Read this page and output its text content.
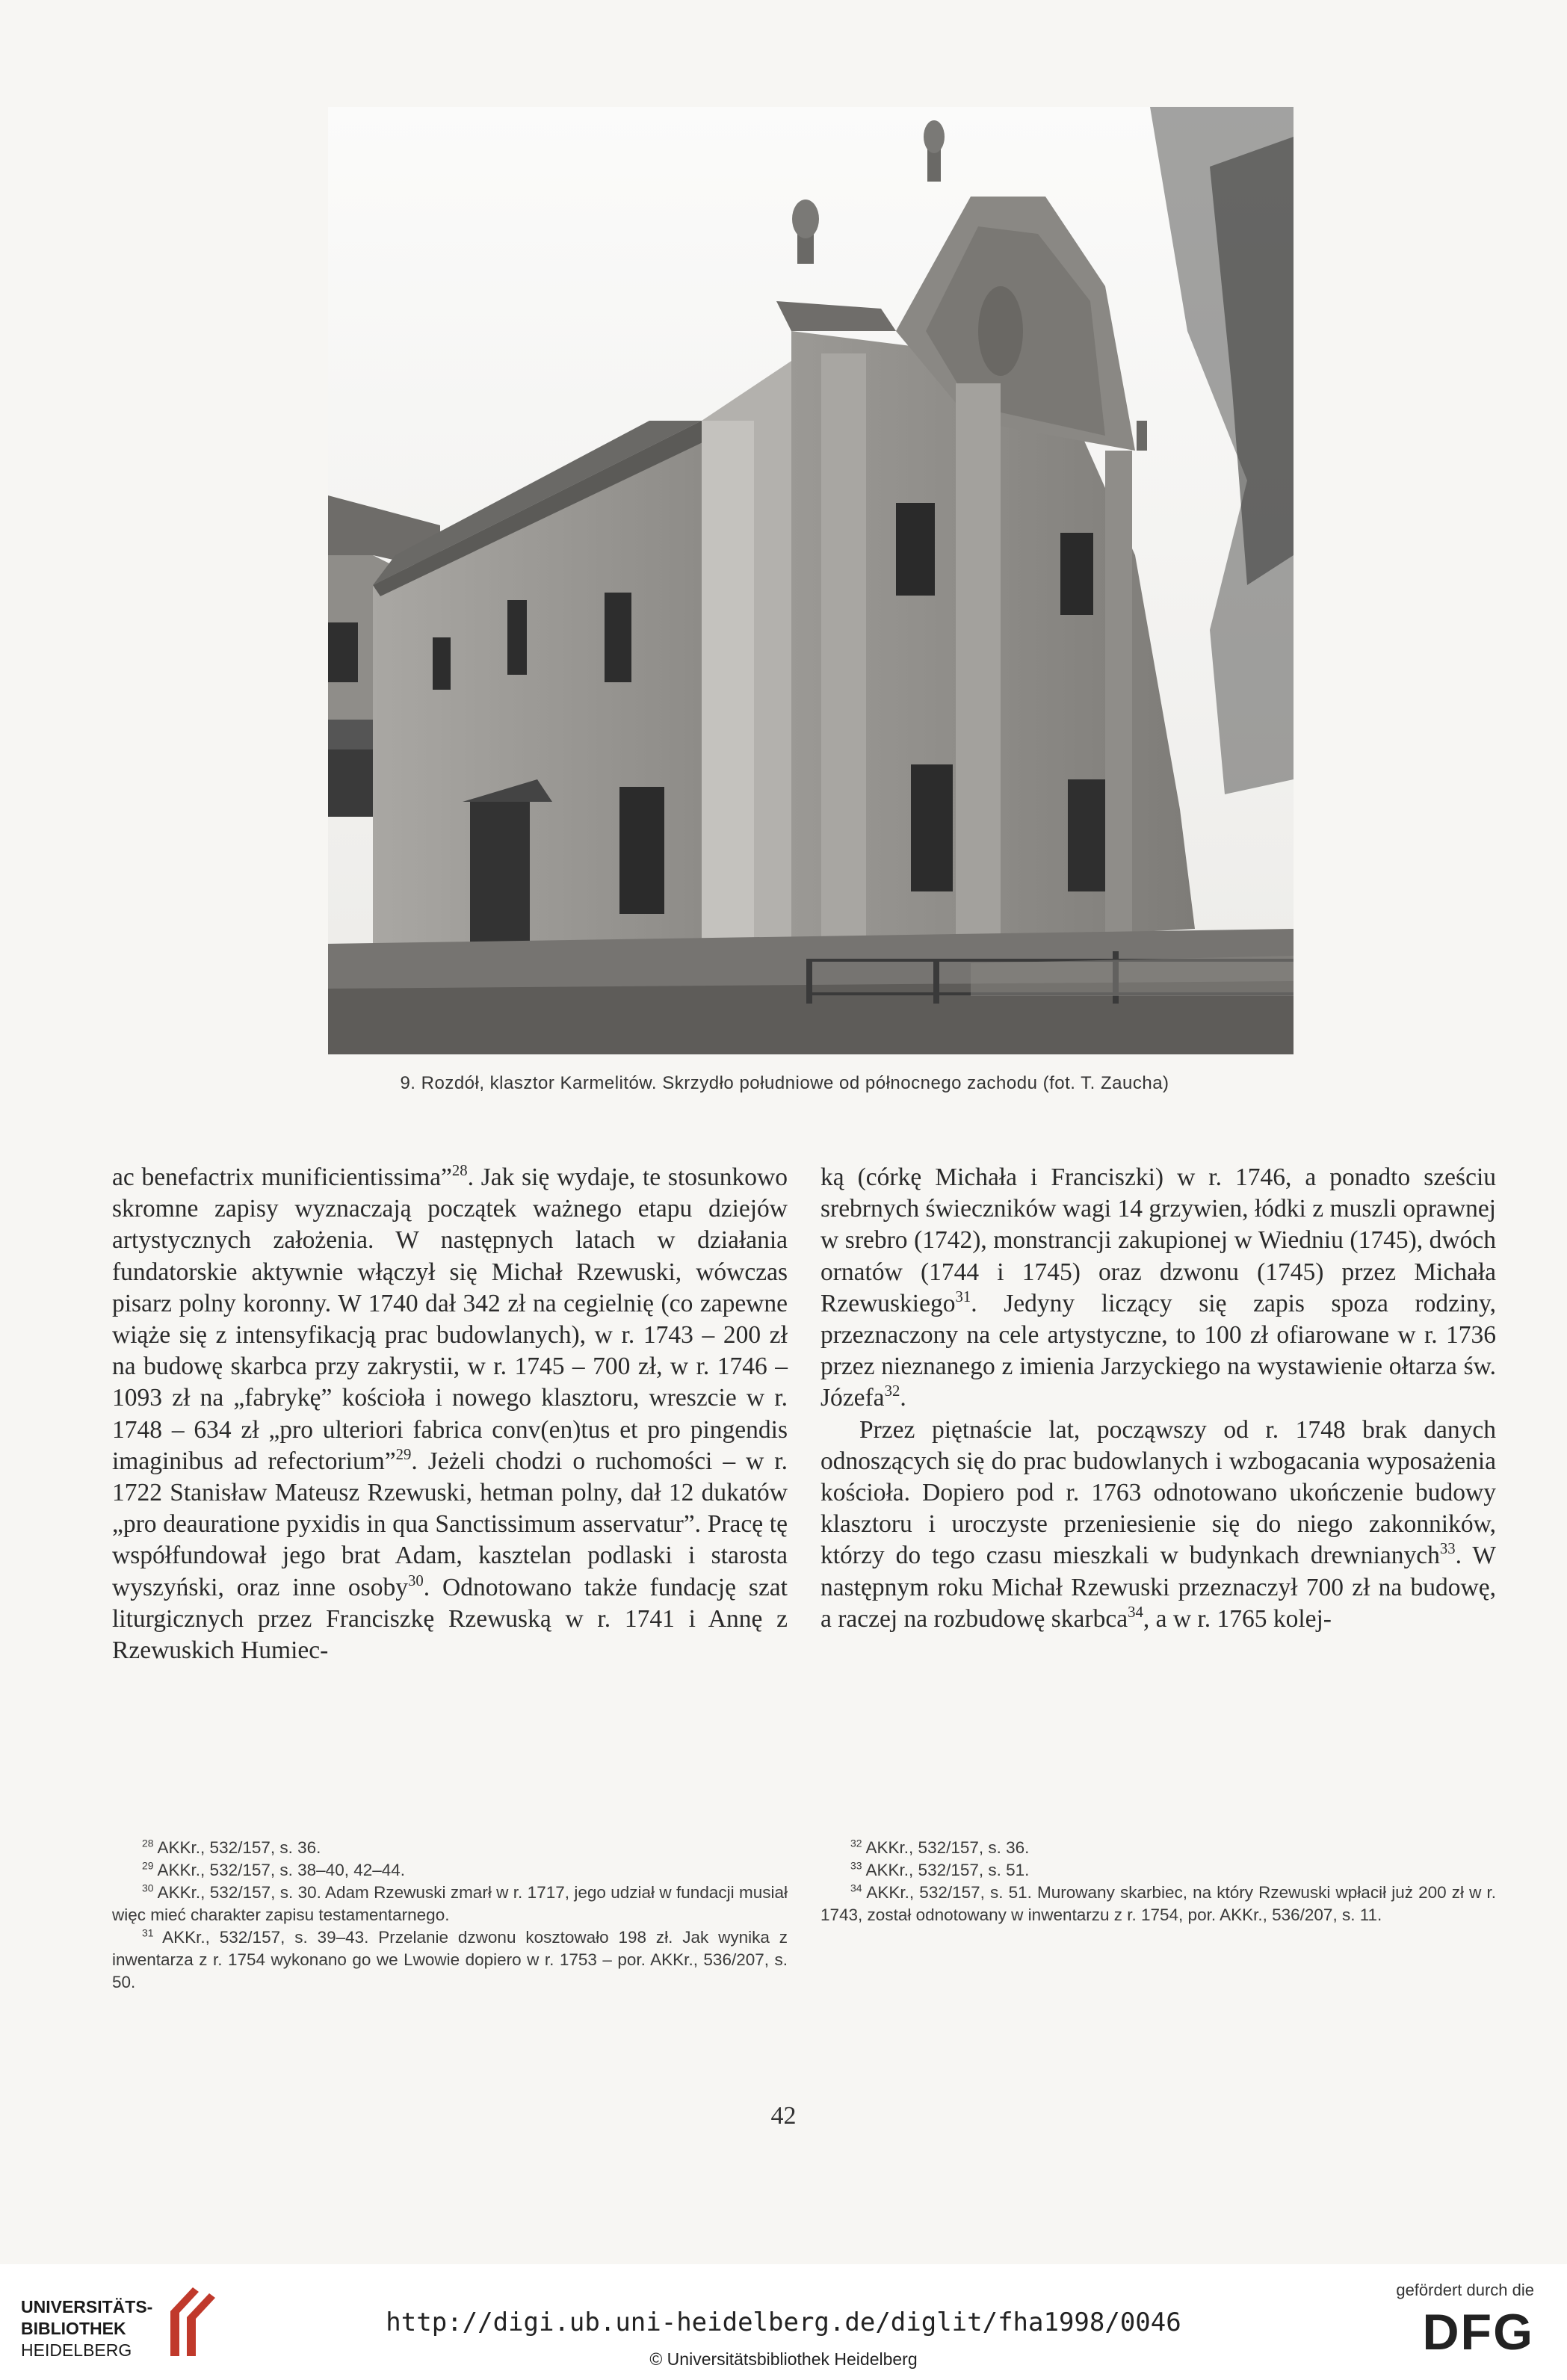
9. Rozdół, klasztor Karmelitów. Skrzydło południowe od północnego zachodu (fot. T. Zaucha)

ac benefactrix munificientissima”$^{28}$. Jak się wydaje, te stosunkowo skromne zapisy wyznaczają początek ważnego etapu dziejów artystycznych założenia. W następnych latach w działania fundatorskie aktywnie włączył się Michał Rzewuski, wówczas pisarz polny koronny. W 1740 dał 342 zł na cegielnię (co zapewne wiąże się z intensyfikacją prac budowlanych), w r. 1743 – 200 zł na budowę skarbca przy zakrystii, w r. 1745 – 700 zł, w r. 1746 – 1093 zł na „fabrykę” kościoła i nowego klasztoru, wreszcie w r. 1748 – 634 zł „pro ulteriori fabrica conv(en)tus et pro pingendis imaginibus ad refectorium”$^{29}$. Jeżeli chodzi o ruchomości – w r. 1722 Stanisław Mateusz Rzewuski, hetman polny, dał 12 dukatów „pro deauratione pyxidis in qua Sanctissimum asservatur”. Pracę tę współfundował jego brat Adam, kasztelan podlaski i starosta wyszyński, oraz inne osoby$^{30}$. Odnotowano także fundację szat liturgicznych przez Franciszkę Rzewuską w r. 1741 i Annę z Rzewuskich Humiec-

ką (córkę Michała i Franciszki) w r. 1746, a ponadto sześciu srebrnych świeczników wagi 14 grzywien, łódki z muszli oprawnej w srebro (1742), monstrancji zakupionej w Wiedniu (1745), dwóch ornatów (1744 i 1745) oraz dzwonu (1745) przez Michała Rzewuskiego$^{31}$. Jedyny liczący się zapis spoza rodziny, przeznaczony na cele artystyczne, to 100 zł ofiarowane w r. 1736 przez nieznanego z imienia Jarzyckiego na wystawienie ołtarza św. Józefa$^{32}$.

Przez piętnaście lat, począwszy od r. 1748 brak danych odnoszących się do prac budowlanych i wzbogacania wyposażenia kościoła. Dopiero pod r. 1763 odnotowano ukończenie budowy klasztoru i uroczyste przeniesienie się do niego zakonników, którzy do tego czasu mieszkali w budynkach drewnianych$^{33}$. W następnym roku Michał Rzewuski przeznaczył 700 zł na budowę, a raczej na rozbudowę skarbca$^{34}$, a w r. 1765 kolej-

$^{28}$ AKKr., 532/157, s. 36.

$^{29}$ AKKr., 532/157, s. 38–40, 42–44.

$^{30}$ AKKr., 532/157, s. 30. Adam Rzewuski zmarł w r. 1717, jego udział w fundacji musiał więc mieć charakter zapisu testamentarnego.

$^{31}$ AKKr., 532/157, s. 39–43. Przelanie dzwonu kosztowało 198 zł. Jak wynika z inwentarza z r. 1754 wykonano go we Lwowie dopiero w r. 1753 – por. AKKr., 536/207, s. 50.

$^{32}$ AKKr., 532/157, s. 36.

$^{33}$ AKKr., 532/157, s. 51.

$^{34}$ AKKr., 532/157, s. 51. Murowany skarbiec, na który Rzewuski wpłacił już 200 zł w r. 1743, został odnotowany w inwentarzu z r. 1754, por. AKKr., 536/207, s. 11.

42
UNIVERSITÄTS-
BIBLIOTHEK
HEIDELBERG
http://digi.ub.uni-heidelberg.de/diglit/fha1998/0046
© Universitätsbibliothek Heidelberg
gefördert durch die
DFG
